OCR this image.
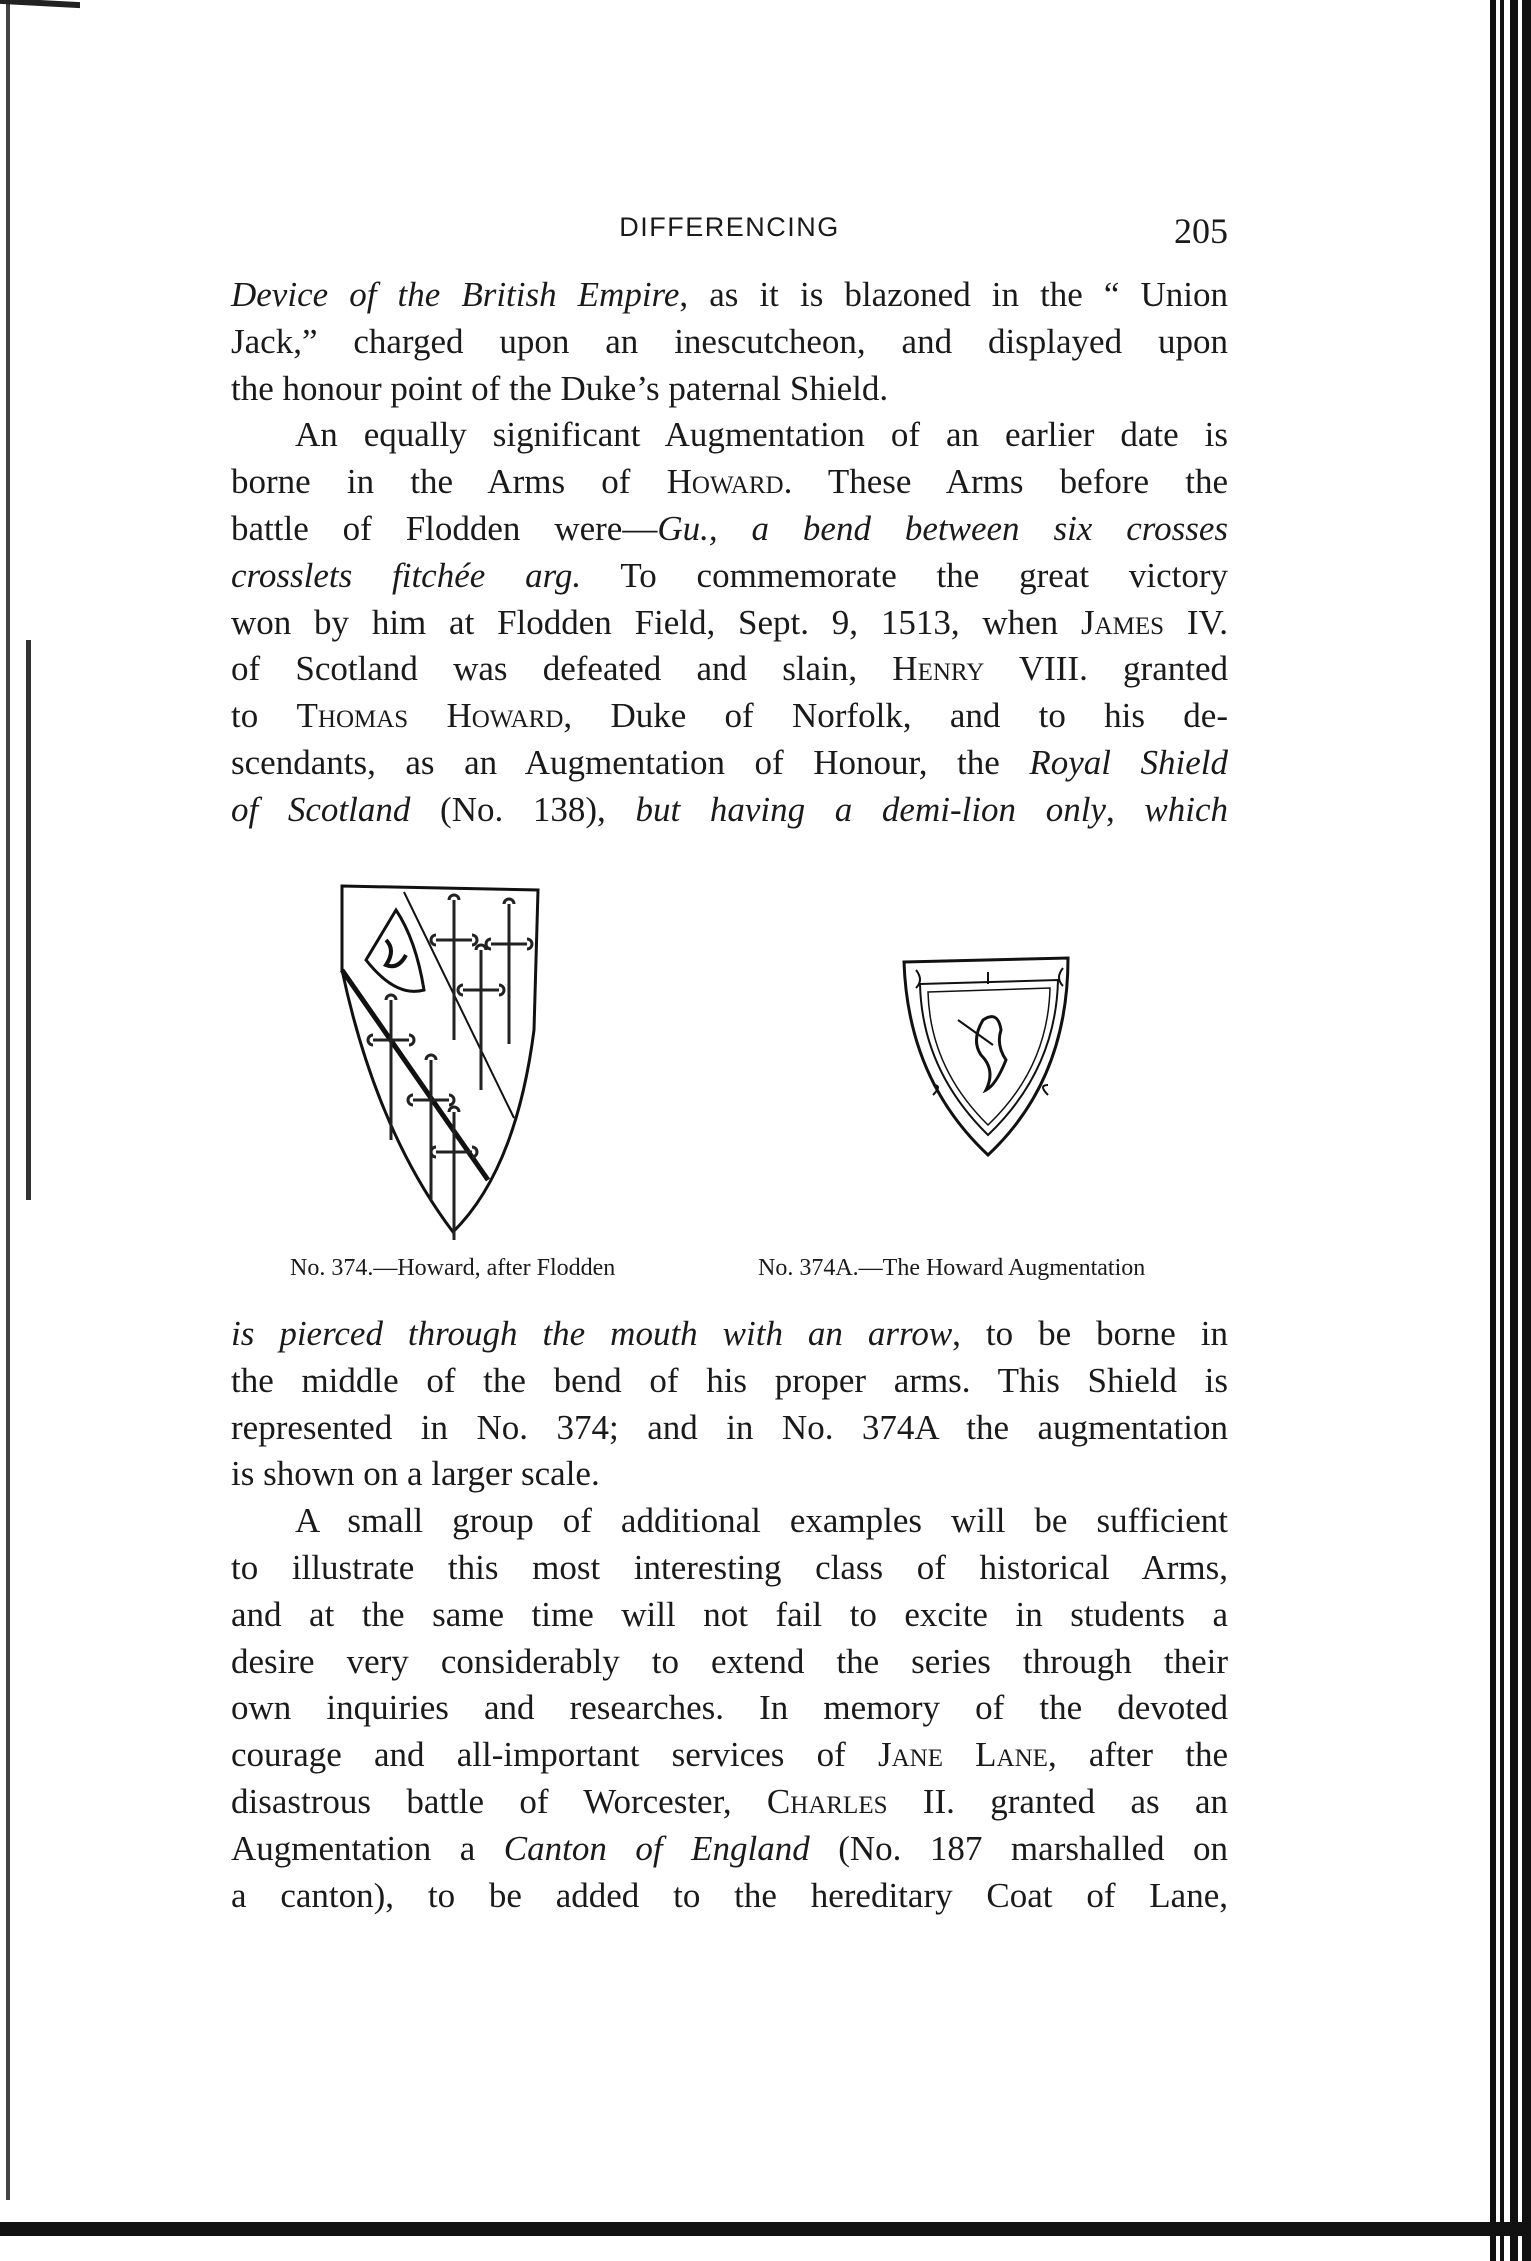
DIFFERENCING	205
Device of the British Empire, as it is blazoned in the “ Union
Jack,” charged upon an inescutcheon, and displayed upon
the honour point of the Duke’s paternal Shield.
An equally significant Augmentation of an earlier date is
borne in the Arms of Howard. These Arms before the
battle of Flodden were—Gu., a bend between six crosses
crosslets fitchée arg. To commemorate the great victory
won by him at Flodden Field, Sept. 9, 1513, when James IV.
of Scotland was defeated and slain, Henry VIII. granted
to Thomas Howard, Duke of Norfolk, and to his de-
scendants, as an Augmentation of Honour, the Royal Shield
of Scotland (No. 138), but having a demi-lion only, which
No. 374.—Howard, after Flodden	No. 374A.—The Howard Augmentation
is pierced through the mouth with an arrow, to be borne in
the middle of the bend of his proper arms. This Shield is
represented in No. 374; and in No. 374A the augmentation
is shown on a larger scale.
A small group of additional examples will be sufficient
to illustrate this most interesting class of historical Arms,
and at the same time will not fail to excite in students a
desire very considerably to extend the series through their
own inquiries and researches. In memory of the devoted
courage and all-important services of Jane Lane, after the
disastrous battle of Worcester, Charles II. granted as an
Augmentation a Canton of England (No. 187 marshalled on
a canton), to be added to the hereditary Coat of Lane,
